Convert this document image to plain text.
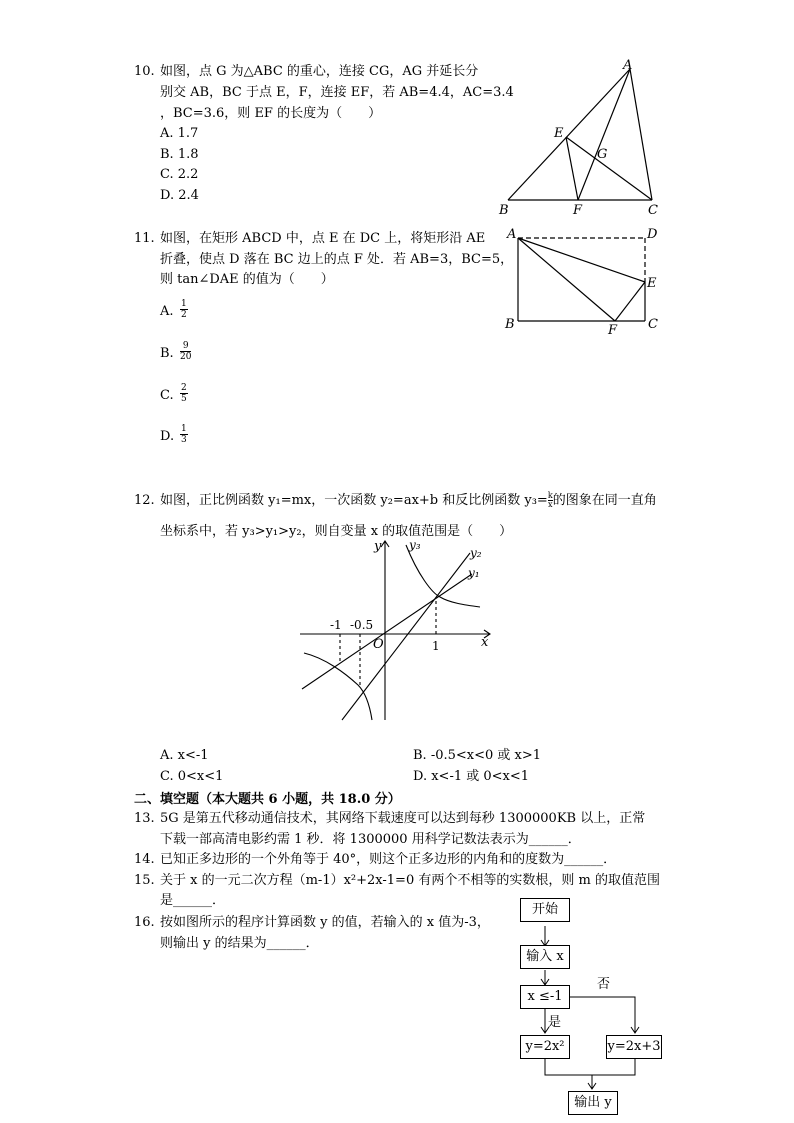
10. 如图，点 G 为△ABC 的重心，连接 CG，AG 并延长分
别交 AB，BC 于点 E，F，连接 EF，若 AB=4.4，AC=3.4
，BC=3.6，则 EF 的长度为（　　）
A. 1.7
B. 1.8
C. 2.2
D. 2.4
A
E
G
B	F	C
11. 如图，在矩形 ABCD 中，点 E 在 DC 上，将矩形沿 AE
折叠，使点 D 落在 BC 边上的点 F 处．若 AB=3，BC=5，
则 tan∠DAE 的值为（　　）
A. $\frac{1}{2}$
B. $\frac{9}{20}$
C. $\frac{2}{5}$
D. $\frac{1}{3}$
A	D
E
B	F C
12. 如图，正比例函数 y₁=mx，一次函数 y₂=ax+b 和反比例函数 $y_3= \frac{k}{x}$ 的图象在同一直角
坐标系中，若 y₃>y₁>y₂，则自变量 x 的取值范围是（　　）
y y₃
y₂
y₁
x
O
-1 -0.5
1
A. x<-1	B. -0.5<x<0 或 x>1
C. 0<x<1	D. x<-1 或 0<x<1
二、填空题（本大题共 6 小题，共 18.0 分）
13. 5G 是第五代移动通信技术，其网络下载速度可以达到每秒 1300000KB 以上，正常
下载一部高清电影约需 1 秒．将 1300000 用科学记数法表示为______．
14. 已知正多边形的一个外角等于 40°，则这个正多边形的内角和的度数为______．
15. 关于 x 的一元二次方程（m-1）x²+2x-1=0 有两个不相等的实数根，则 m 的取值范围
是______．
16. 按如图所示的程序计算函数 y 的值，若输入的 x 值为-3，
则输出 y 的结果为______．
开始
输入 x
x ≤-1
否
是
y=2x²	y=2x+3
输出 y
